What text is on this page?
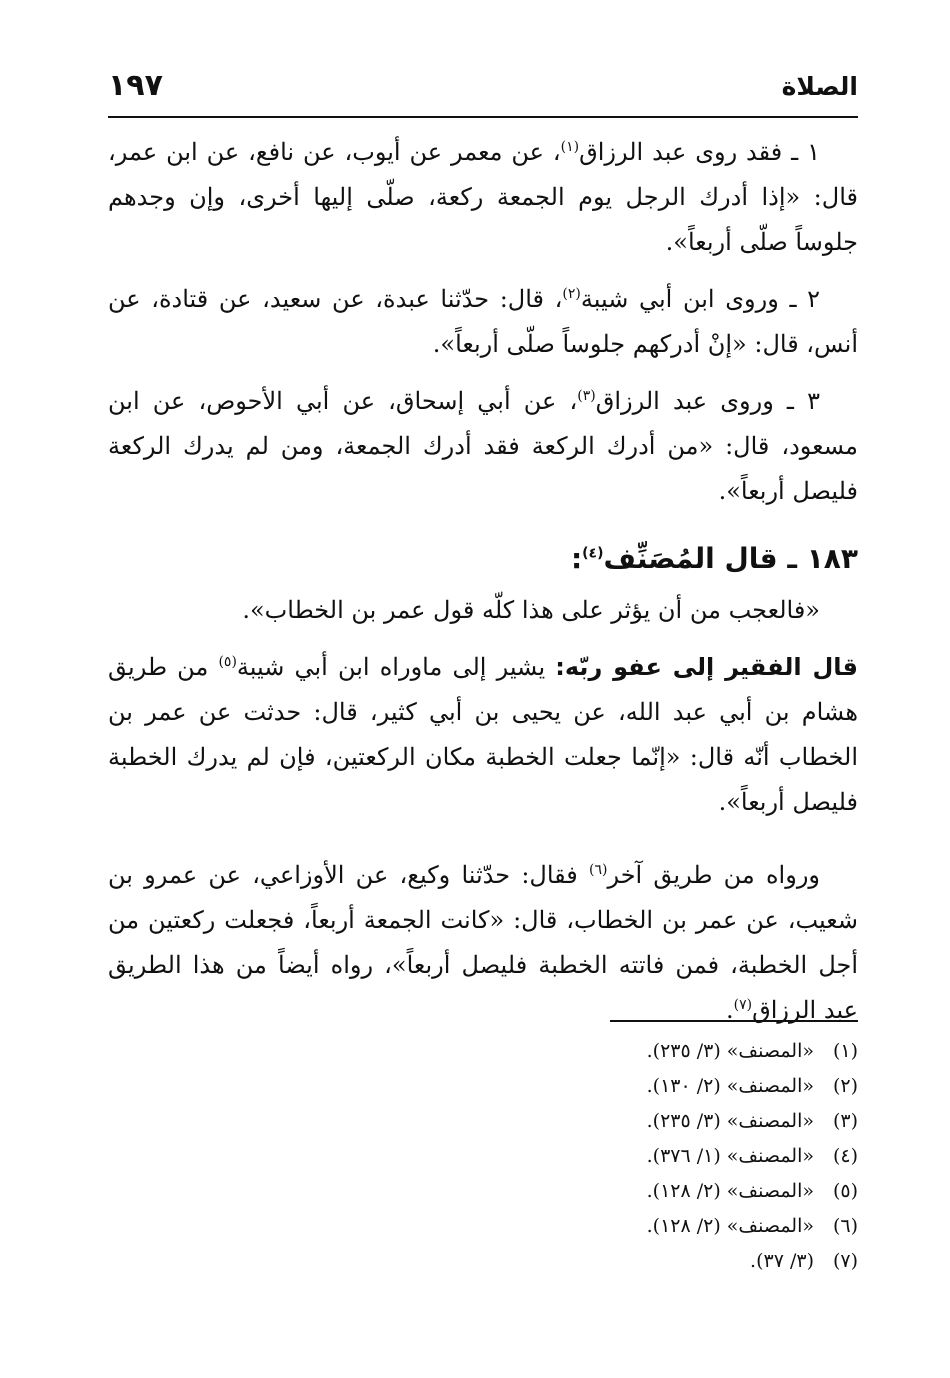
الصلاة
١٩٧

١ ـ فقد روى عبد الرزاق$^{(١)}$، عن معمر عن أيوب، عن نافع، عن ابن عمر، قال: «إذا أدرك الرجل يوم الجمعة ركعة، صلّى إليها أخرى، وإن وجدهم جلوساً صلّى أربعاً».

٢ ـ وروى ابن أبي شيبة$^{(٢)}$، قال: حدّثنا عبدة، عن سعيد، عن قتادة، عن أنس، قال: «إنْ أدركهم جلوساً صلّى أربعاً».

٣ ـ وروى عبد الرزاق$^{(٣)}$، عن أبي إسحاق، عن أبي الأحوص، عن ابن مسعود، قال: «من أدرك الركعة فقد أدرك الجمعة، ومن لم يدرك الركعة فليصل أربعاً».

١٨٣ ـ قال المُصَنِّف$^{(٤)}$:

«فالعجب من أن يؤثر على هذا كلّه قول عمر بن الخطاب».

قال الفقير إلى عفو ربّه: يشير إلى ماوراه ابن أبي شيبة$^{(٥)}$ من طريق هشام بن أبي عبد الله، عن يحيى بن أبي كثير، قال: حدثت عن عمر بن الخطاب أنّه قال: «إنّما جعلت الخطبة مكان الركعتين، فإن لم يدرك الخطبة فليصل أربعاً».

ورواه من طريق آخر$^{(٦)}$ فقال: حدّثنا وكيع، عن الأوزاعي، عن عمرو بن شعيب، عن عمر بن الخطاب، قال: «كانت الجمعة أربعاً، فجعلت ركعتين من أجل الخطبة، فمن فاتته الخطبة فليصل أربعاً»، رواه أيضاً من هذا الطريق عبد الرزاق$^{(٧)}$.

(١)«المصنف» (٣/ ٢٣٥).
(٢)«المصنف» (٢/ ١٣٠).
(٣)«المصنف» (٣/ ٢٣٥).
(٤)«المصنف» (١/ ٣٧٦).
(٥)«المصنف» (٢/ ١٢٨).
(٦)«المصنف» (٢/ ١٢٨).
(٧)(٣/ ٣٧).
